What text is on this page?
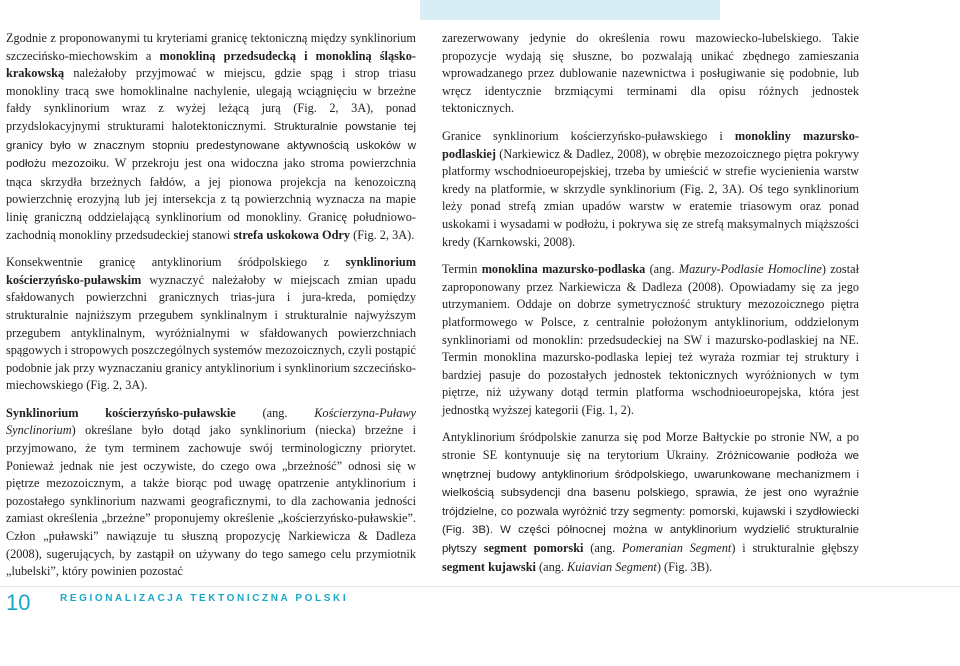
Zgodnie z proponowanymi tu kryteriami granicę tektoniczną między synklinorium szczecińsko-miechowskim a monokliną przedsudecką i monokliną śląsko-krakowską należałoby przyjmować w miejscu, gdzie spąg i strop triasu monokliny tracą swe homoklinalne nachylenie, ulegają wciągnięciu w brzeżne fałdy synklinorium wraz z wyżej leżącą jurą (Fig. 2, 3A), ponad przydslokacyjnymi strukturami halotektonicznymi. Strukturalnie powstanie tej granicy było w znacznym stopniu predestynowane aktywnością uskoków w podłożu mezozoiku. W przekroju jest ona widoczna jako stroma powierzchnia tnąca skrzydła brzeżnych fałdów, a jej pionowa projekcja na kenozoiczną powierzchnię erozyjną lub jej intersekcja z tą powierzchnią wyznacza na mapie linię graniczną oddzielającą synklinorium od monokliny. Granicę południowo-zachodnią monokliny przedsudeckiej stanowi strefa uskokowa Odry (Fig. 2, 3A).

Konsekwentnie granicę antyklinorium śródpolskiego z synklinorium kościerzyńsko-puławskim wyznaczyć należałoby w miejscach zmian upadu sfałdowanych powierzchni granicznych trias-jura i jura-kreda, pomiędzy strukturalnie najniższym przegubem synklinalnym i strukturalnie najwyższym przegubem antyklinalnym, wyróżnialnymi w sfałdowanych powierzchniach spągowych i stropowych poszczególnych systemów mezozoicznych, czyli postąpić podobnie jak przy wyznaczaniu granicy antyklinorium i synklinorium szczecińsko-miechowskiego (Fig. 2, 3A).

Synklinorium kościerzyńsko-puławskie (ang. Kościerzyna-Puławy Synclinorium) określane było dotąd jako synklinorium (niecka) brzeżne i przyjmowano, że tym terminem zachowuje swój terminologiczny priorytet. Ponieważ jednak nie jest oczywiste, do czego owa „brzeżność” odnosi się w piętrze mezozoicznym, a także biorąc pod uwagę opatrzenie antyklinorium i pozostałego synklinorium nazwami geograficznymi, to dla zachowania jedności zamiast określenia „brzeżne” proponujemy określenie „kościerzyńsko-puławskie”. Człon „puławski” nawiązuje tu słuszną propozycję Narkiewicza & Dadleza (2008), sugerujących, by zastąpił on używany do tego samego celu przymiotnik „lubelski”, który powinien pozostać

zarezerwowany jedynie do określenia rowu mazowiecko-lubelskiego. Takie propozycje wydają się słuszne, bo pozwalają unikać zbędnego zamieszania wprowadzanego przez dublowanie nazewnictwa i posługiwanie się podobnie, lub wręcz identycznie brzmiącymi terminami dla opisu różnych jednostek tektonicznych.

Granice synklinorium kościerzyńsko-puławskiego i monokliny mazursko-podlaskiej (Narkiewicz & Dadlez, 2008), w obrębie mezozoicznego piętra pokrywy platformy wschodnioeuropejskiej, trzeba by umieścić w strefie wycienienia warstw kredy na platformie, w skrzydle synklinorium (Fig. 2, 3A). Oś tego synklinorium leży ponad strefą zmian upadów warstw w eratemie triasowym oraz ponad uskokami i wysadami w podłożu, i pokrywa się ze strefą maksymalnych miąższości kredy (Karnkowski, 2008).

Termin monoklina mazursko-podlaska (ang. Mazury-Podlasie Homocline) został zaproponowany przez Narkiewicza & Dadleza (2008). Opowiadamy się za jego utrzymaniem. Oddaje on dobrze symetryczność struktury mezozoicznego piętra platformowego w Polsce, z centralnie położonym antyklinorium, oddzielonym synklinoriami od monoklin: przedsudeckiej na SW i mazursko-podlaskiej na NE. Termin monoklina mazursko-podlaska lepiej też wyraża rozmiar tej struktury i bardziej pasuje do pozostałych jednostek tektonicznych wyróżnionych w tym piętrze, niż używany dotąd termin platforma wschodnioeuropejska, która jest jednostką wyższej kategorii (Fig. 1, 2).

Antyklinorium śródpolskie zanurza się pod Morze Bałtyckie po stronie NW, a po stronie SE kontynuuje się na terytorium Ukrainy. Zróżnicowanie podłoża we wnętrznej budowy antyklinorium śródpolskiego, uwarunkowane mechanizmem i wielkością subsydencji dna basenu polskiego, sprawia, że jest ono wyraźnie trójdzielne, co pozwala wyróżnić trzy segmenty: pomorski, kujawski i szydłowiecki (Fig. 3B). W części północnej można w antyklinorium wydzielić strukturalnie płytszy segment pomorski (ang. Pomeranian Segment) i strukturalnie głębszy segment kujawski (ang. Kuiavian Segment) (Fig. 3B).

10	REGIONALIZACJA TEKTONICZNA POLSKI
